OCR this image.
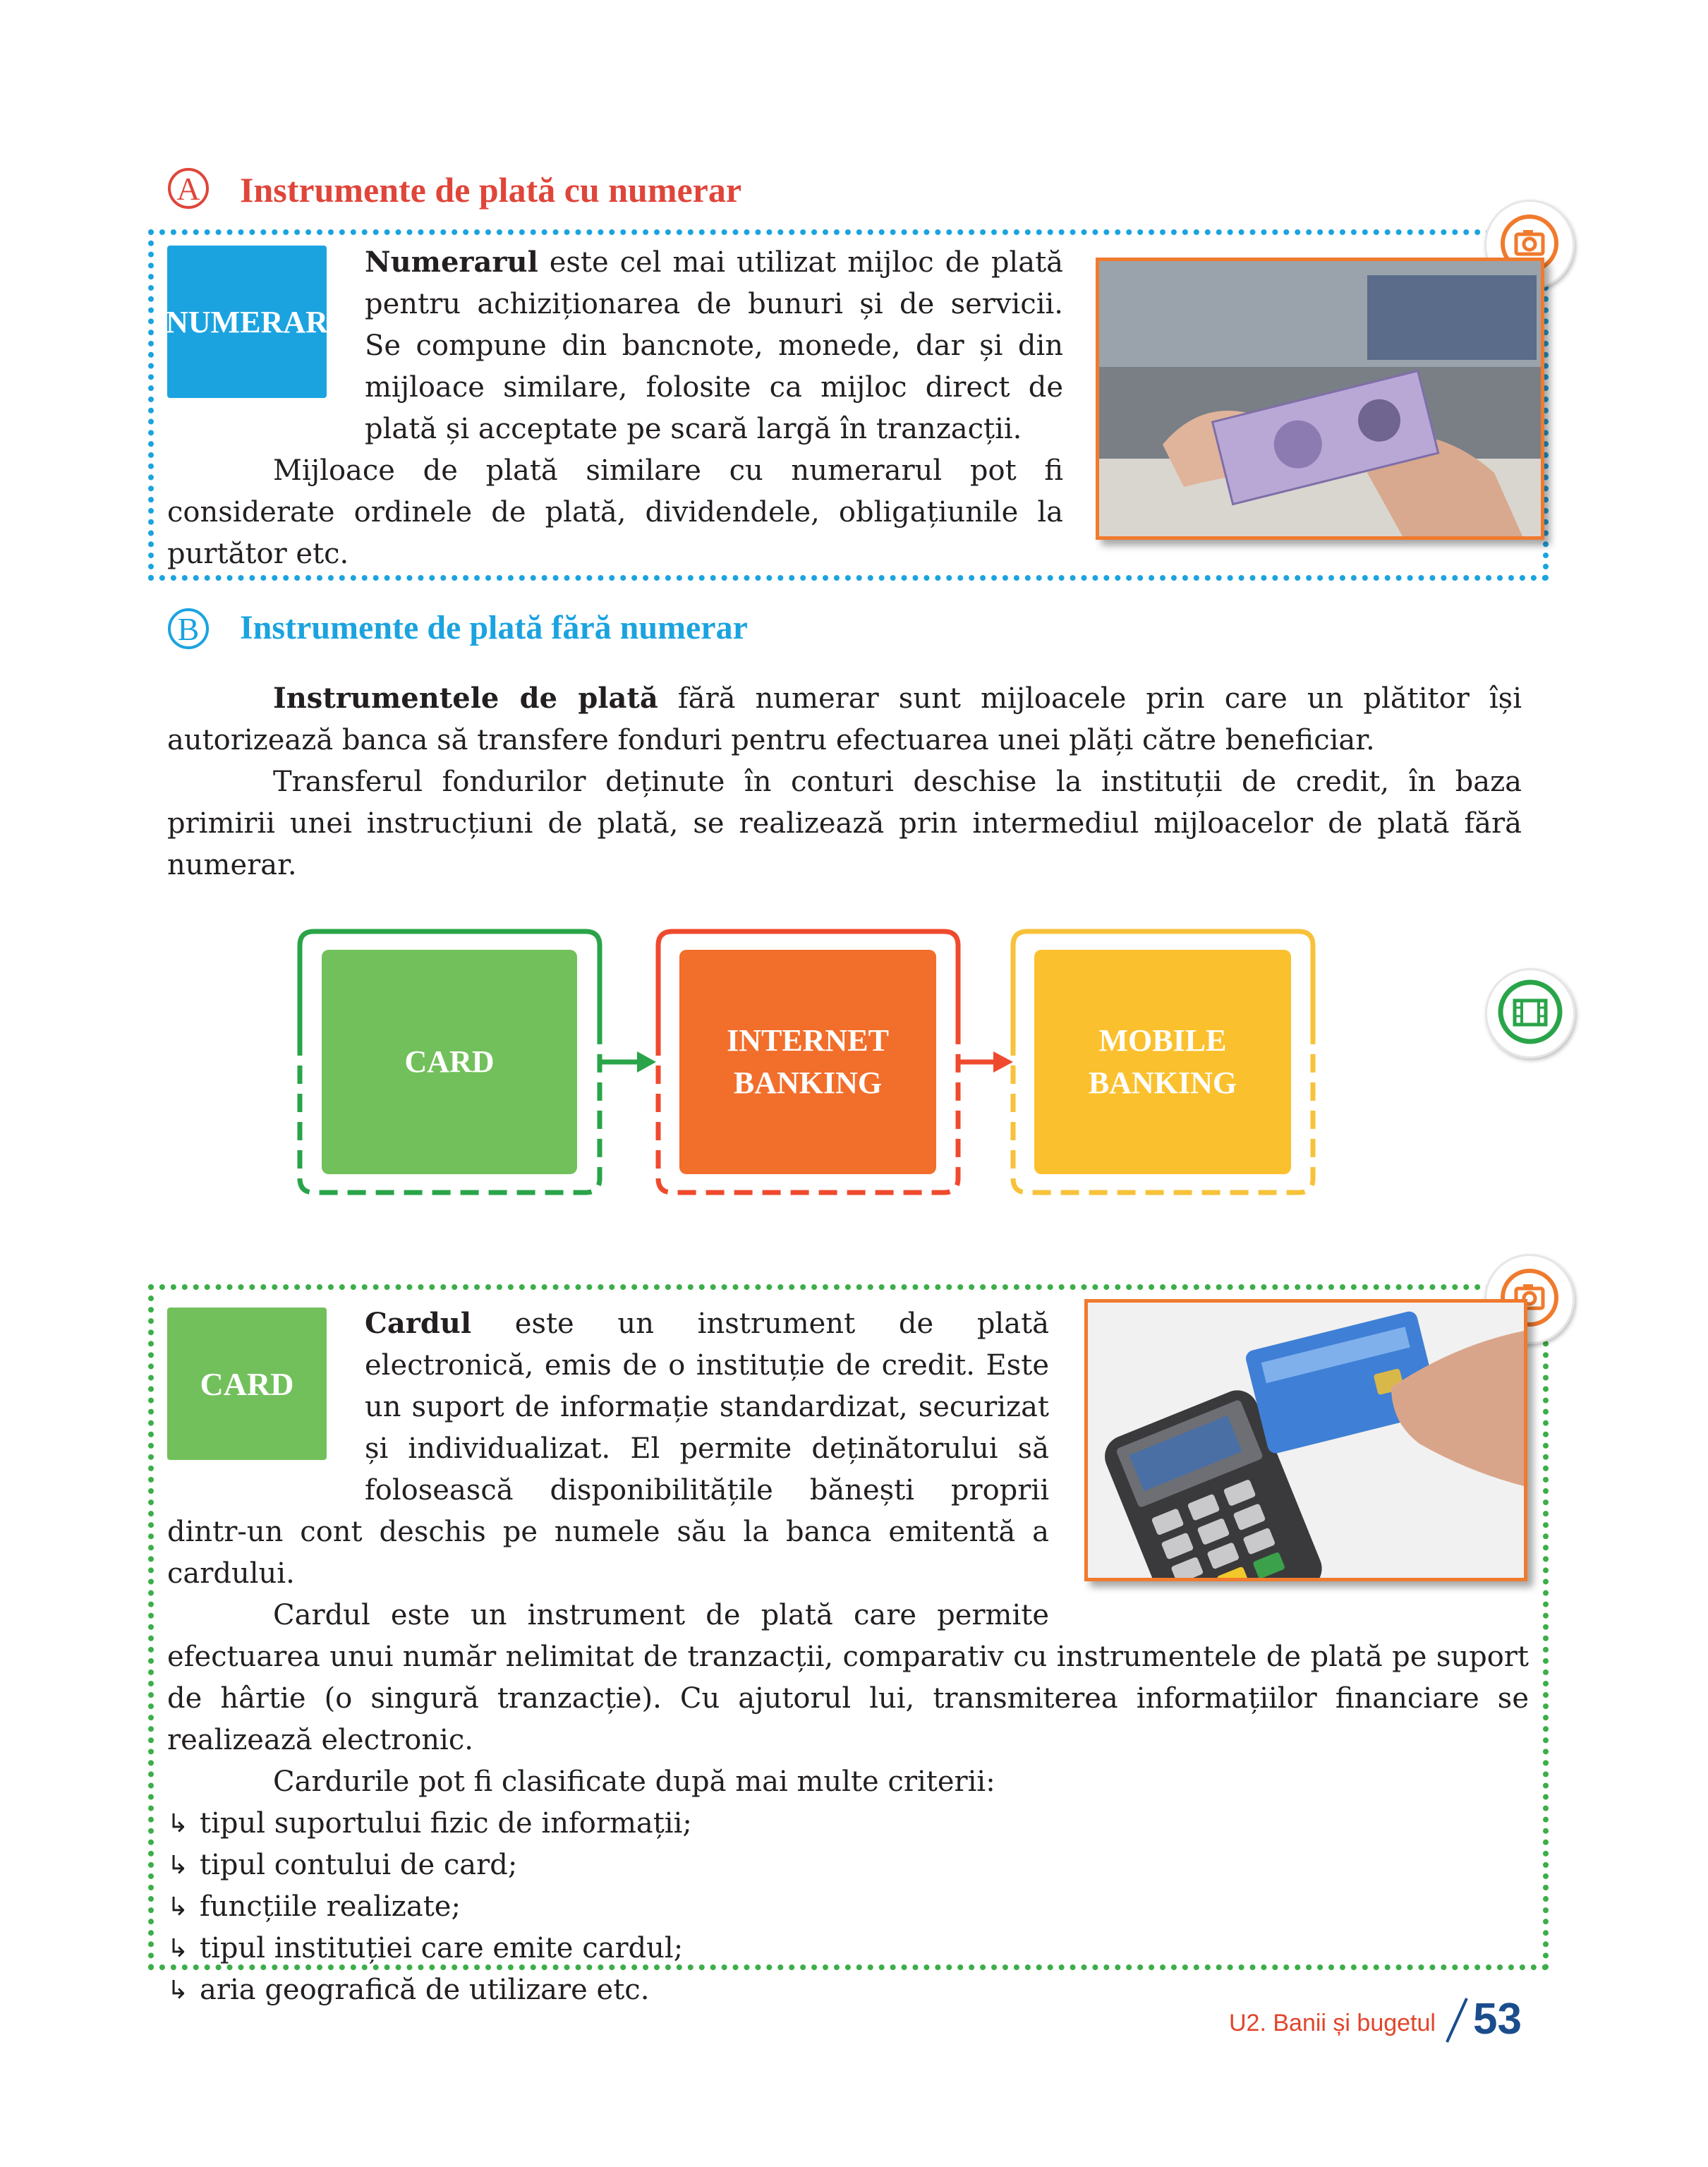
A Instrumente de plată cu numerar
NUMERAR

Numerarul este cel mai utilizat mijloc de plată pentru achiziționarea de bunuri și de servicii. Se compune din bancnote, monede, dar și din mijloace similare, folosite ca mijloc direct de plată și acceptate pe scară largă în tranzacții.

Mijloace de plată similare cu numerarul pot fi considerate ordinele de plată, dividendele, obligațiunile la purtător etc.

B Instrumente de plată fără numerar

Instrumentele de plată fără numerar sunt mijloacele prin care un plătitor își autorizează banca să transfere fonduri pentru efectuarea unei plăți către beneficiar.

Transferul fondurilor deținute în conturi deschise la instituții de credit, în baza primirii unei instrucțiuni de plată, se realizează prin intermediul mijloacelor de plată fără numerar.

CARD
INTERNET BANKING
MOBILE BANKING
CARD

Cardul este un instrument de plată electronică, emis de o instituție de credit. Este un suport de informație standardizat, securizat și individualizat. El permite deținătorului să folosească disponibilitățile bănești proprii dintr-un cont deschis pe numele său la banca emitentă a cardului.

Cardul este un instrument de plată care permite efectuarea unui număr nelimitat de tranzacții, comparativ cu instrumentele de plată pe suport de hârtie (o singură tranzacție). Cu ajutorul lui, transmiterea informațiilor financiare se realizează electronic.

Cardurile pot fi clasificate după mai multe criterii:

↳ tipul suportului fizic de informații;
↳ tipul contului de card;
↳ funcțiile realizate;
↳ tipul instituției care emite cardul;
↳ aria geografică de utilizare etc.
U2. Banii și bugetul 53
